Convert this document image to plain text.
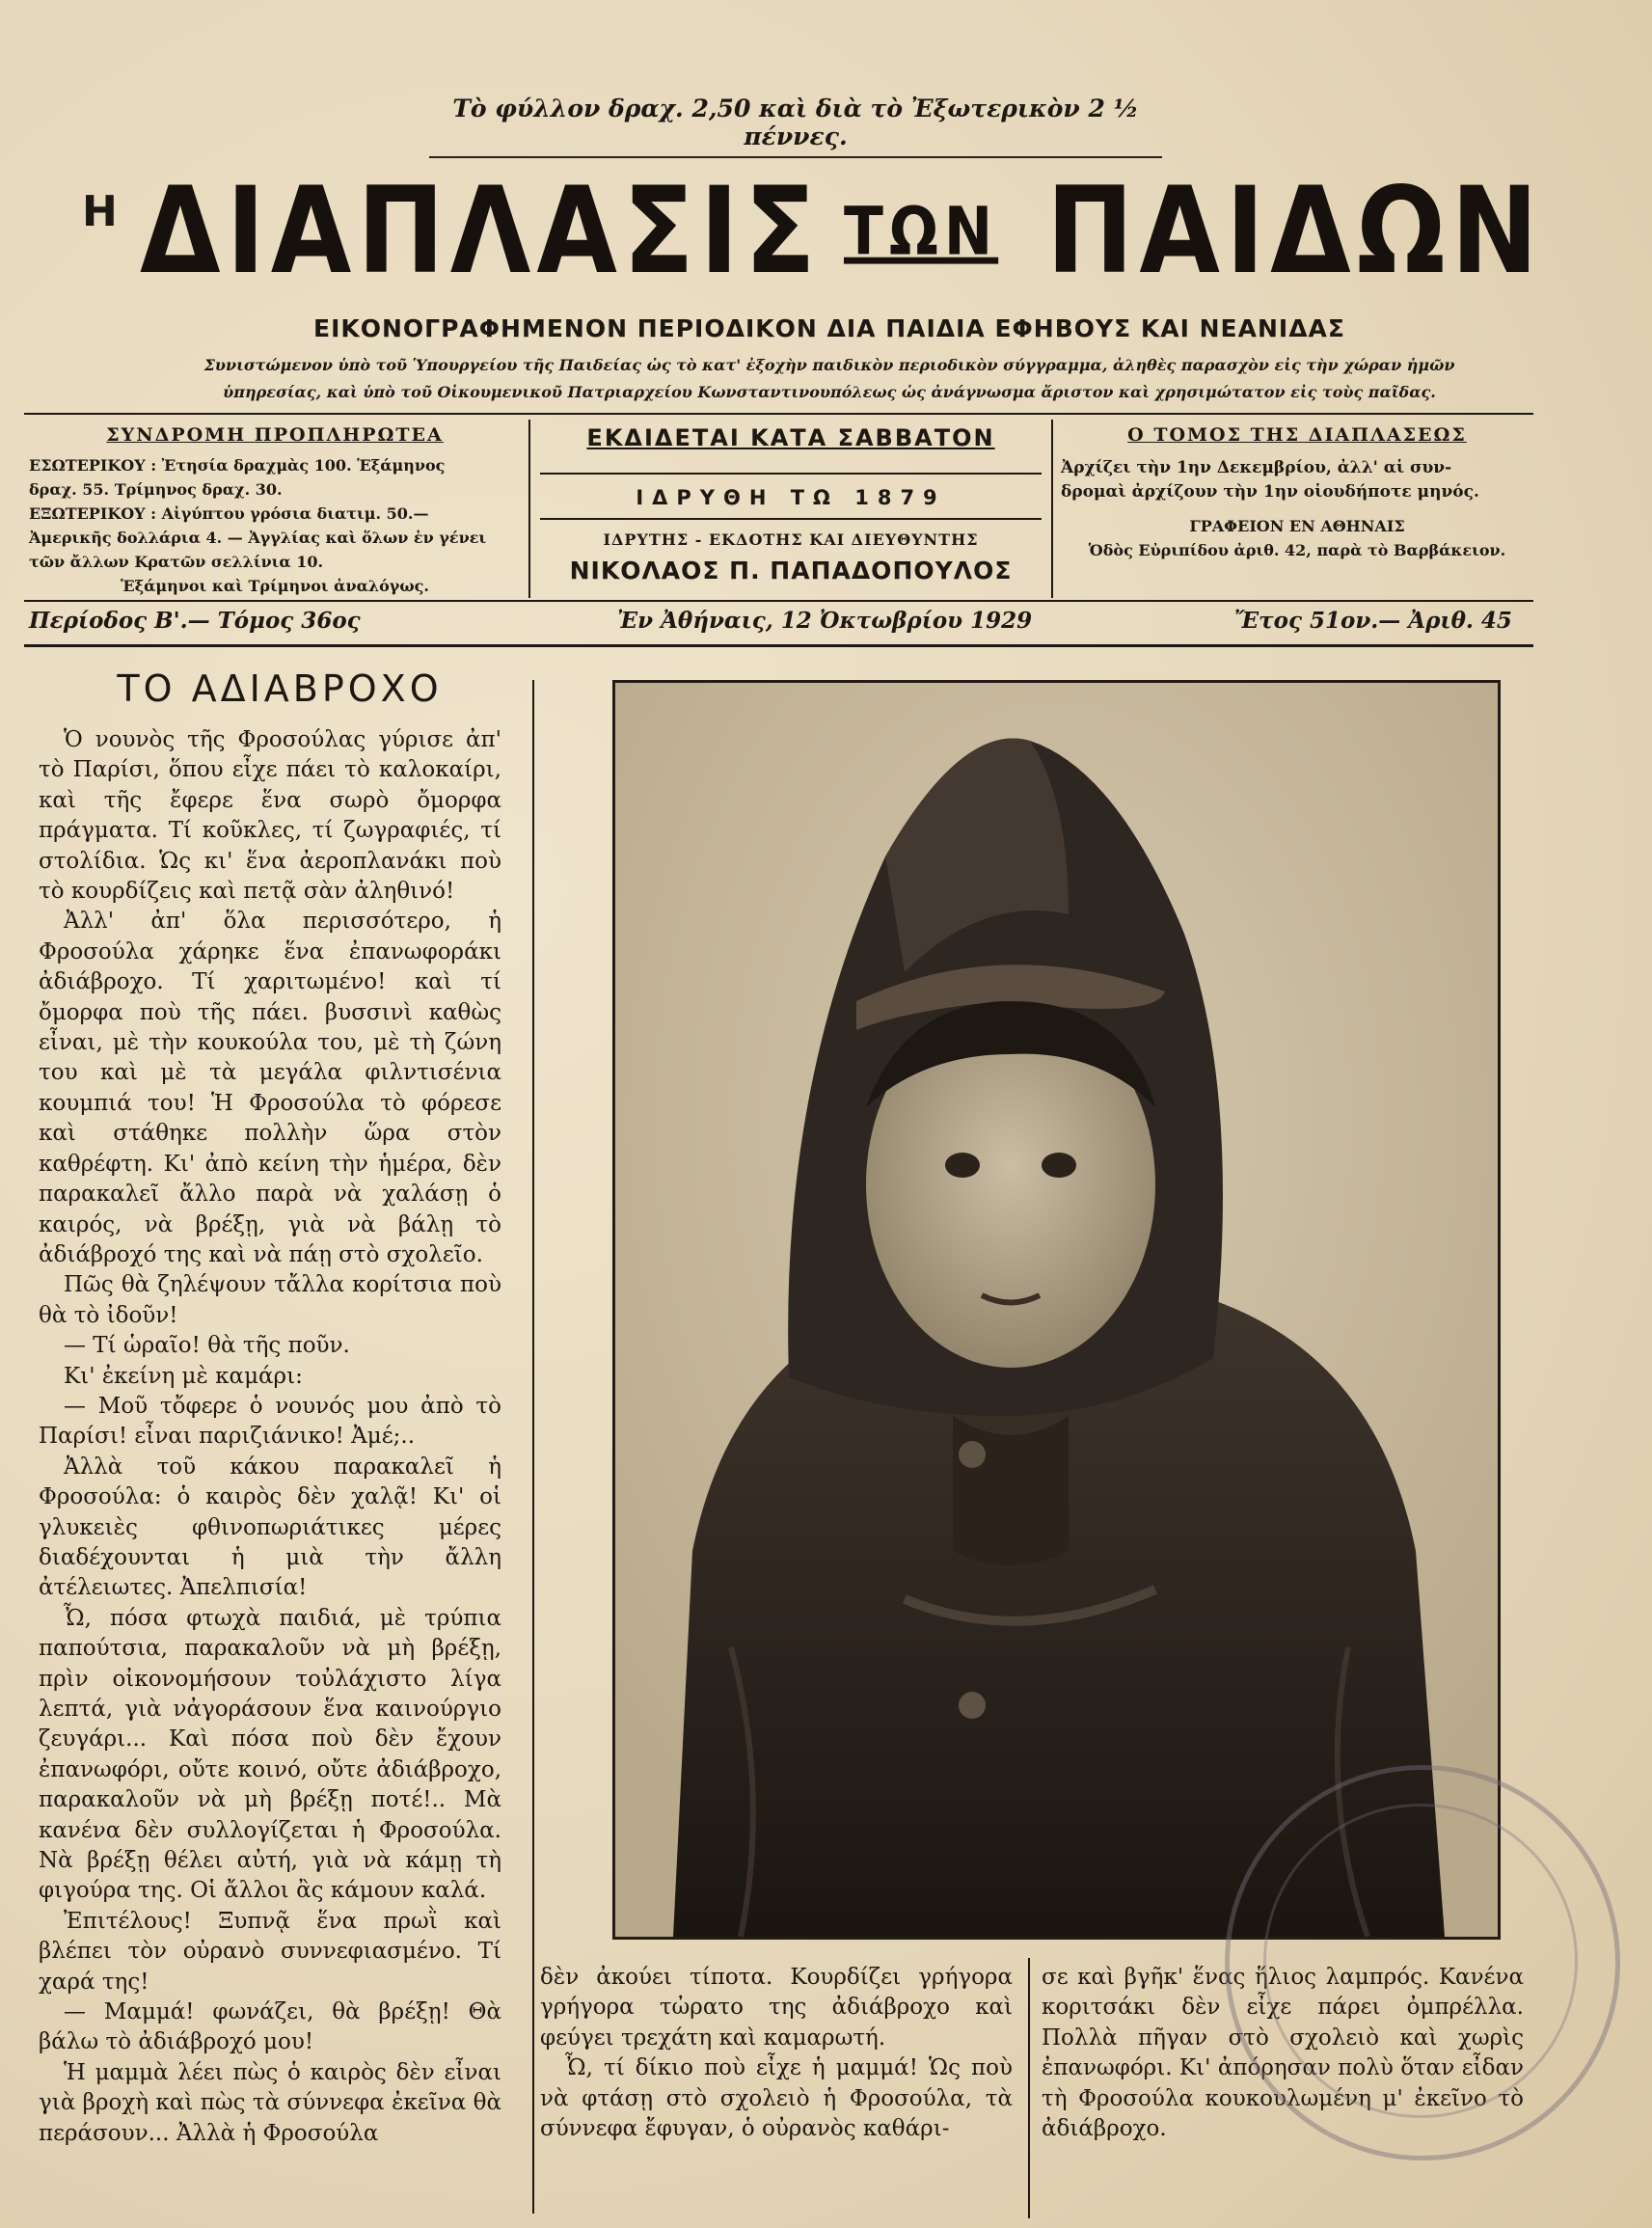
Τὸ φύλλον δραχ. 2,50 καὶ διὰ τὸ Ἐξωτερικὸν 2 ½ πέννες.
Η ΔΙΑΠΛΑΣΙΣ ΤΩΝ ΠΑΙΔΩΝ
ΕΙΚΟΝΟΓΡΑΦΗΜΕΝΟΝ ΠΕΡΙΟΔΙΚΟΝ ΔΙΑ ΠΑΙΔΙΑ ΕΦΗΒΟΥΣ ΚΑΙ ΝΕΑΝΙΔΑΣ
Συνιστώμενον ὑπὸ τοῦ Ὑπουργείου τῆς Παιδείας ὡς τὸ κατ' ἐξοχὴν παιδικὸν περιοδικὸν σύγγραμμα, ἀληθὲς παρασχὸν εἰς τὴν χώραν ἡμῶν
ὑπηρεσίας, καὶ ὑπὸ τοῦ Οἰκουμενικοῦ Πατριαρχείου Κωνσταντινουπόλεως ὡς ἀνάγνωσμα ἄριστον καὶ χρησιμώτατον εἰς τοὺς παῖδας.
ΣΥΝΔΡΟΜΗ ΠΡΟΠΛΗΡΩΤΕΑ

ΕΣΩΤΕΡΙΚΟΥ : Ἐτησία δραχμὰς 100. Ἑξάμηνος

δραχ. 55. Τρίμηνος δραχ. 30.

ΕΞΩΤΕΡΙΚΟΥ : Αἰγύπτου γρόσια διατιμ. 50.—

Ἀμερικῆς δολλάρια 4. — Ἀγγλίας καὶ ὅλων ἐν γένει

τῶν ἄλλων Κρατῶν σελλίνια 10.

Ἑξάμηνοι καὶ Τρίμηνοι ἀναλόγως.

ΕΚΔΙΔΕΤΑΙ ΚΑΤΑ ΣΑΒΒΑΤΟΝ
ΙΔΡΥΘΗ ΤΩ 1879
ΙΔΡΥΤΗΣ - ΕΚΔΟΤΗΣ ΚΑΙ ΔΙΕΥΘΥΝΤΗΣ
ΝΙΚΟΛΑΟΣ Π. ΠΑΠΑΔΟΠΟΥΛΟΣ
Ο ΤΟΜΟΣ ΤΗΣ ΔΙΑΠΛΑΣΕΩΣ

Ἀρχίζει τὴν 1ην Δεκεμβρίου, ἀλλ' αἱ συν-

δρομαὶ ἀρχίζουν τὴν 1ην οἱουδήποτε μηνός.

ΓΡΑΦΕΙΟΝ ΕΝ ΑΘΗΝΑΙΣ

Ὁδὸς Εὐριπίδου ἀριθ. 42, παρὰ τὸ Βαρβάκειον.

Περίοδος Β'.— Τόμος 36ος	Ἐν Ἀθήναις, 12 Ὀκτωβρίου 1929	Ἔτος 51ον.— Ἀριθ. 45
ΤΟ ΑΔΙΑΒΡΟΧΟ

Ὁ νουνὸς τῆς Φροσούλας γύρισε ἀπ' τὸ Παρίσι, ὅπου εἶχε πάει τὸ καλοκαίρι, καὶ τῆς ἔφερε ἕνα σωρὸ ὄμορφα πράγματα. Τί κοῦκλες, τί ζωγραφιές, τί στολίδια. Ὡς κι' ἕνα ἀεροπλανάκι ποὺ τὸ κουρδίζεις καὶ πετᾷ σὰν ἀληθινό!

Ἀλλ' ἀπ' ὅλα περισσότερο, ἡ Φροσούλα χάρηκε ἕνα ἐπανωφοράκι ἀδιάβροχο. Τί χαριτωμένο! καὶ τί ὄμορφα ποὺ τῆς πάει. βυσσινὶ καθὼς εἶναι, μὲ τὴν κουκούλα του, μὲ τὴ ζώνη του καὶ μὲ τὰ μεγάλα φιλντισένια κουμπιά του! Ἡ Φροσούλα τὸ φόρεσε καὶ στάθηκε πολλὴν ὥρα στὸν καθρέφτη. Κι' ἀπὸ κείνη τὴν ἡμέρα, δὲν παρακαλεῖ ἄλλο παρὰ νὰ χαλάσῃ ὁ καιρός, νὰ βρέξῃ, γιὰ νὰ βάλῃ τὸ ἀδιάβροχό της καὶ νὰ πάῃ στὸ σχολεῖο.

Πῶς θὰ ζηλέψουν τἄλλα κορίτσια ποὺ θὰ τὸ ἰδοῦν!

— Τί ὡραῖο! θὰ τῆς ποῦν.

Κι' ἐκείνη μὲ καμάρι:

— Μοῦ τὄφερε ὁ νουνός μου ἀπὸ τὸ Παρίσι! εἶναι παριζιάνικο! Ἀμέ;..

Ἀλλὰ τοῦ κάκου παρακαλεῖ ἡ Φροσούλα: ὁ καιρὸς δὲν χαλᾷ! Κι' οἱ γλυκειὲς φθινοπωριάτικες μέρες διαδέχουνται ἡ μιὰ τὴν ἄλλη ἀτέλειωτες. Ἀπελπισία!

Ὦ, πόσα φτωχὰ παιδιά, μὲ τρύπια παπούτσια, παρακαλοῦν νὰ μὴ βρέξῃ, πρὶν οἰκονομήσουν τοὐλάχιστο λίγα λεπτά, γιὰ νἀγοράσουν ἕνα καινούργιο ζευγάρι... Καὶ πόσα ποὺ δὲν ἔχουν ἐπανωφόρι, οὔτε κοινό, οὔτε ἀδιάβροχο, παρακαλοῦν νὰ μὴ βρέξῃ ποτέ!.. Μὰ κανένα δὲν συλλογίζεται ἡ Φροσούλα. Νὰ βρέξῃ θέλει αὐτή, γιὰ νὰ κάμῃ τὴ φιγούρα της. Οἱ ἄλλοι ἂς κάμουν καλά.

Ἐπιτέλους! Ξυπνᾷ ἕνα πρωῒ καὶ βλέπει τὸν οὐρανὸ συννεφιασμένο. Τί χαρά της!

— Μαμμά! φωνάζει, θὰ βρέξῃ! Θὰ βάλω τὸ ἀδιάβροχό μου!

Ἡ μαμμὰ λέει πὼς ὁ καιρὸς δὲν εἶναι γιὰ βροχὴ καὶ πὼς τὰ σύννεφα ἐκεῖνα θὰ περάσουν... Ἀλλὰ ἡ Φροσούλα

δὲν ἀκούει τίποτα. Κουρδίζει γρήγορα γρήγορα τὠρατο της ἀδιάβροχο καὶ φεύγει τρεχάτη καὶ καμαρωτή.

Ὦ, τί δίκιο ποὺ εἶχε ἡ μαμμά! Ὡς ποὺ νὰ φτάσῃ στὸ σχολειὸ ἡ Φροσούλα, τὰ σύννεφα ἔφυγαν, ὁ οὐρανὸς καθάρι-

σε καὶ βγῆκ' ἕνας ἥλιος λαμπρός. Κανένα κοριτσάκι δὲν εἶχε πάρει ὀμπρέλλα. Πολλὰ πῆγαν στὸ σχολειὸ καὶ χωρὶς ἐπανωφόρι. Κι' ἀπόρησαν πολὺ ὅταν εἶδαν τὴ Φροσούλα κουκουλωμένη μ' ἐκεῖνο τὸ ἀδιάβροχο.
